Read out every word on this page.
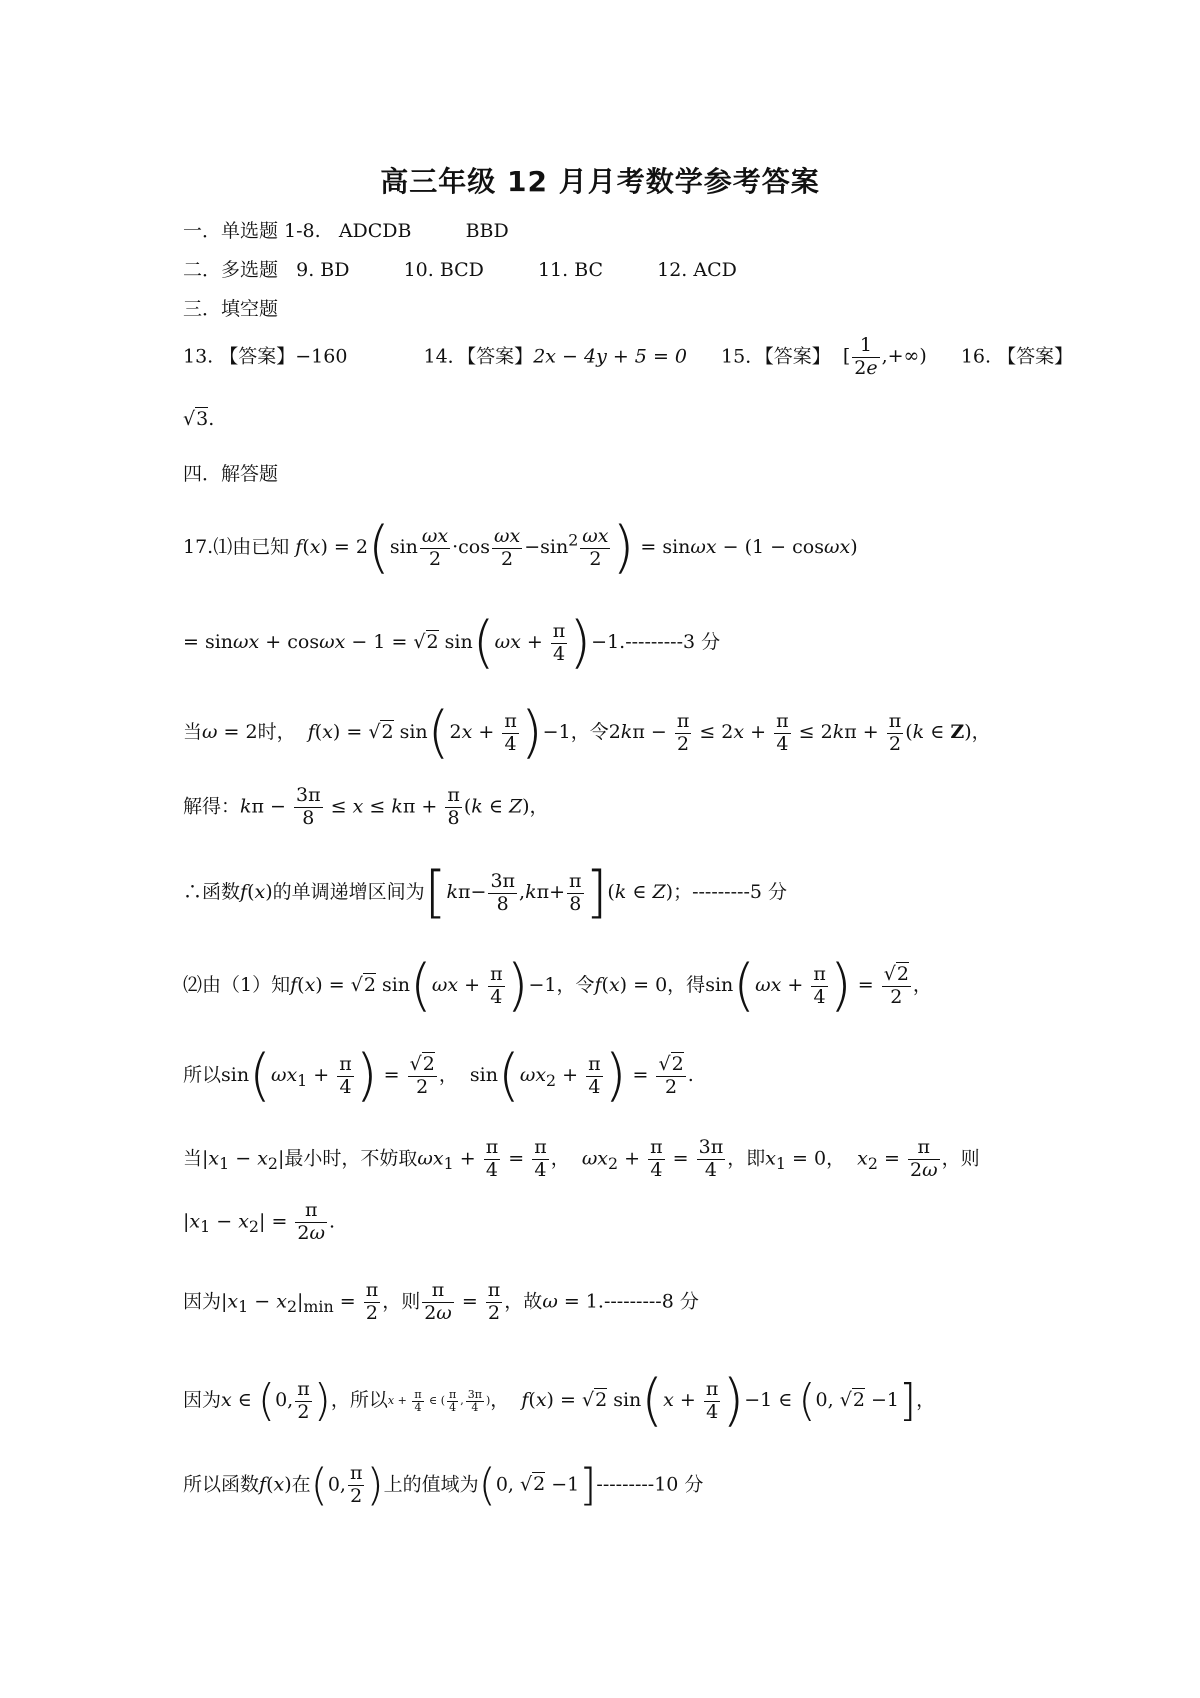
高三年级 12 月月考数学参考答案
一．单选题 1-8. ADCDB	BBD
二．多选题 9. BD	10. BCD	11. BC	12. ACD
三．填空题
13. 【答案】−160	14．【答案】2x − 4y + 5 = 0 15．【答案】 [ $\frac{1}{2e}$ ,+∞) 16. 【答案】
√3.
四．解答题
17.⑴由已知 $f(x) = 2(\sin \frac{\omega x}{2} \cdot\cos \frac{\omega x}{2} -\sin^2 \frac{\omega x}{2}$ ) = sinωx − (1 − cosωx)
= sinωx + cosωx − 1 = √2 $\sin(\omega x + \frac{\pi}{4} )-1.---------3$ 分
当ω = 2时， f(x) = √2 $\sin(2x + \frac{\pi}{4} )-1$，令$2k\pi - \frac{\pi}{2} \le 2x + \frac{\pi}{4} \le 2k\pi + \frac{\pi}{2} (k$ ∈ Z)，
解得：$k\pi - \frac{3\pi}{8} \le x \le k\pi + \frac{\pi}{8} (k$ ∈ Z)，
∴函数f(x)的单调递增区间为$[k\pi- \frac{3\pi}{8} ,k\pi+ \frac{\pi}{8} ](k$ ∈ Z)；---------5 分
⑵由（1）知f(x) = √2 $\sin(\omega x + \frac{\pi}{4} )-1$，令f(x) = 0，得$\sin(\omega x + \frac{\pi}{4}$ ) = $\frac{√2}{2}$ ，
所以$\sin(\omega x_1 + \frac{\pi}{4}$ ) = $\frac{√2}{2}$ ，  $\sin(\omega x_2 + \frac{\pi}{4}$ ) = $\frac{√2}{2}$ .
当$|x_1 - x_2|$最小时，不妨取$\omega x_1 + \frac{\pi}{4} = \frac{\pi}{4}$ ，  $\omega x_2 + \frac{\pi}{4} = \frac{3\pi}{4}$ ，即$x_1 = 0$，  $x_2 = \frac{\pi}{2\omega}$ ，则
$|x_1 - x_2| = \frac{\pi}{2\omega}$ .
因为$|x_1 - x_2|_{min} = \frac{\pi}{2}$ ，则 $\frac{\pi}{2\omega} = \frac{\pi}{2}$ ，故ω = 1.---------8 分
因为x ∈ (0, $\frac{\pi}{2}$ )，所以$x + \frac{\pi}{4}$ ∈ ( $\frac{\pi}{4}$ , $\frac{3\pi}{4}$ )，  f(x) = √2 $\sin(x + \frac{\pi}{4} )-1$ ∈ (0, √2 −1]，
所以函数f(x)在(0, $\frac{\pi}{2}$ )上的值域为(0, √2 −1]---------10 分
